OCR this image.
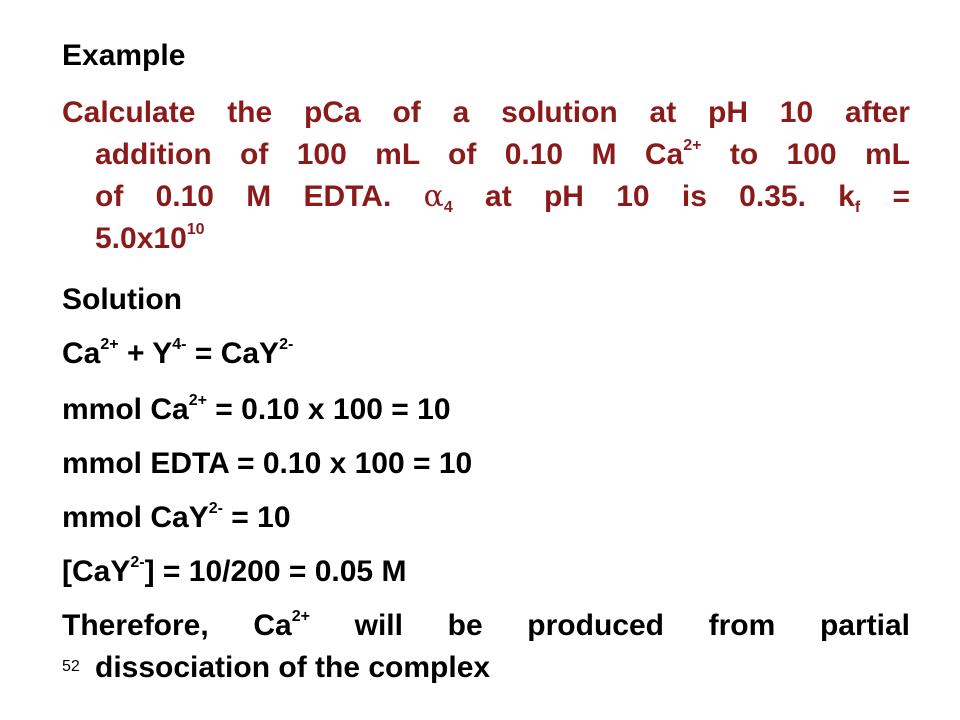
Example
Calculate the pCa of a solution at pH 10 after
addition of 100 mL of 0.10 M $Ca^{2+}$ to 100 mL
of 0.10 M EDTA. $\alpha_4$ at pH 10 is 0.35. $k_f$ =
$5.0x10^{10}$
Solution
$Ca^{2+} + Y^{4-} = CaY^{2-}$
mmol $Ca^{2+} = 0.10$ x 100 = 10
mmol EDTA = 0.10 x 100 = 10
mmol CaY$^{2-}$ = 10
[CaY$^{2-}$] = 10/200 = 0.05 M
Therefore, $Ca^{2+}$ will be produced from partial
dissociation of the complex
52
